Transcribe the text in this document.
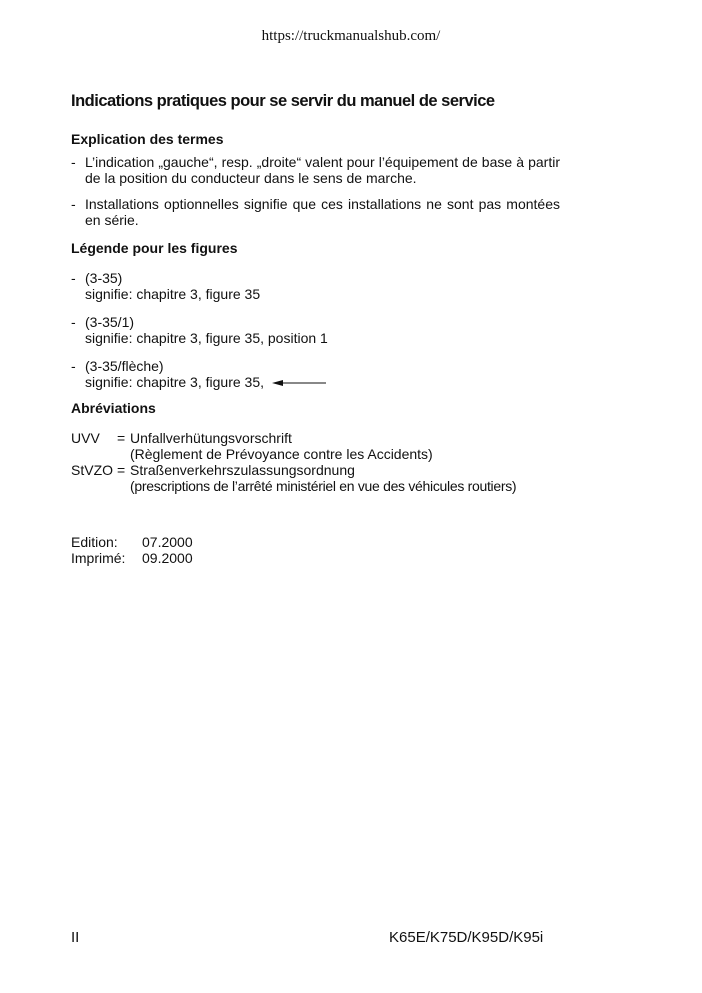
https://truckmanualshub.com/
Indications pratiques pour se servir du manuel de service
Explication des termes
- L’indication „gauche“, resp. „droite“ valent pour l’équipement de base à partir de la position du conducteur dans le sens de marche.
- Installations optionnelles signifie que ces installations ne sont pas montées en série.
Légende pour les figures
- (3-35)
signifie: chapitre 3, figure 35
- (3-35/1)
signifie: chapitre 3, figure 35, position 1
- (3-35/flèche)
signifie: chapitre 3, figure 35,
Abréviations
UVV	= Unfallverhütungsvorschrift
(Règlement de Prévoyance contre les Accidents)
StVZO = Straßenverkehrszulassungsordnung
(prescriptions de l’arrêté ministériel en vue des véhicules routiers)
Edition:	07.2000
Imprimé:	09.2000
II	K65E/K75D/K95D/K95i
